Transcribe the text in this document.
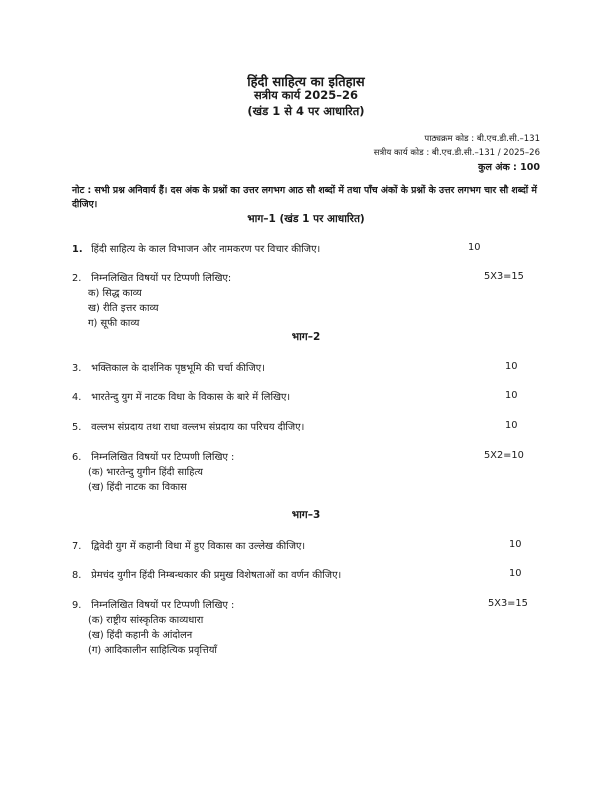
हिंदी साहित्य का इतिहास
सत्रीय कार्य 2025–26
(खंड 1 से 4 पर आधारित)
पाठ्यक्रम कोड : बी.एच.डी.सी.–131
सत्रीय कार्य कोड : बी.एच.डी.सी.–131 / 2025–26
कुल अंक : 100
नोट : सभी प्रश्न अनिवार्य हैं। दस अंक के प्रश्नों का उत्तर लगभग आठ सौ शब्दों में तथा पाँच अंकों के प्रश्नों के उत्तर लगभग चार सौ शब्दों में दीजिए।
भाग–1 (खंड 1 पर आधारित)
1. हिंदी साहित्य के काल विभाजन और नामकरण पर विचार कीजिए।	10
2. निम्नलिखित विषयों पर टिप्पणी लिखिए:	5X3=15
क) सिद्ध काव्य
ख) रीति इत्तर काव्य
ग) सूफी काव्य
भाग–2
3. भक्तिकाल के दार्शनिक पृष्ठभूमि की चर्चा कीजिए।	10
4. भारतेन्दु युग में नाटक विधा के विकास के बारे में लिखिए।	10
5. वल्लभ संप्रदाय तथा राधा वल्लभ संप्रदाय का परिचय दीजिए।	10
6. निम्नलिखित विषयों पर टिप्पणी लिखिए :	5X2=10
(क) भारतेन्दु युगीन हिंदी साहित्य
(ख) हिंदी नाटक का विकास
भाग–3
7. द्विवेदी युग में कहानी विधा में हुए विकास का उल्लेख कीजिए।	10
8. प्रेमचंद युगीन हिंदी निम्बन्धकार की प्रमुख विशेषताओं का वर्णन कीजिए।	10
9. निम्नलिखित विषयों पर टिप्पणी लिखिए :	5X3=15
(क) राष्ट्रीय सांस्कृतिक काव्यधारा
(ख) हिंदी कहानी के आंदोलन
(ग) आदिकालीन साहित्यिक प्रवृत्तियाँ
